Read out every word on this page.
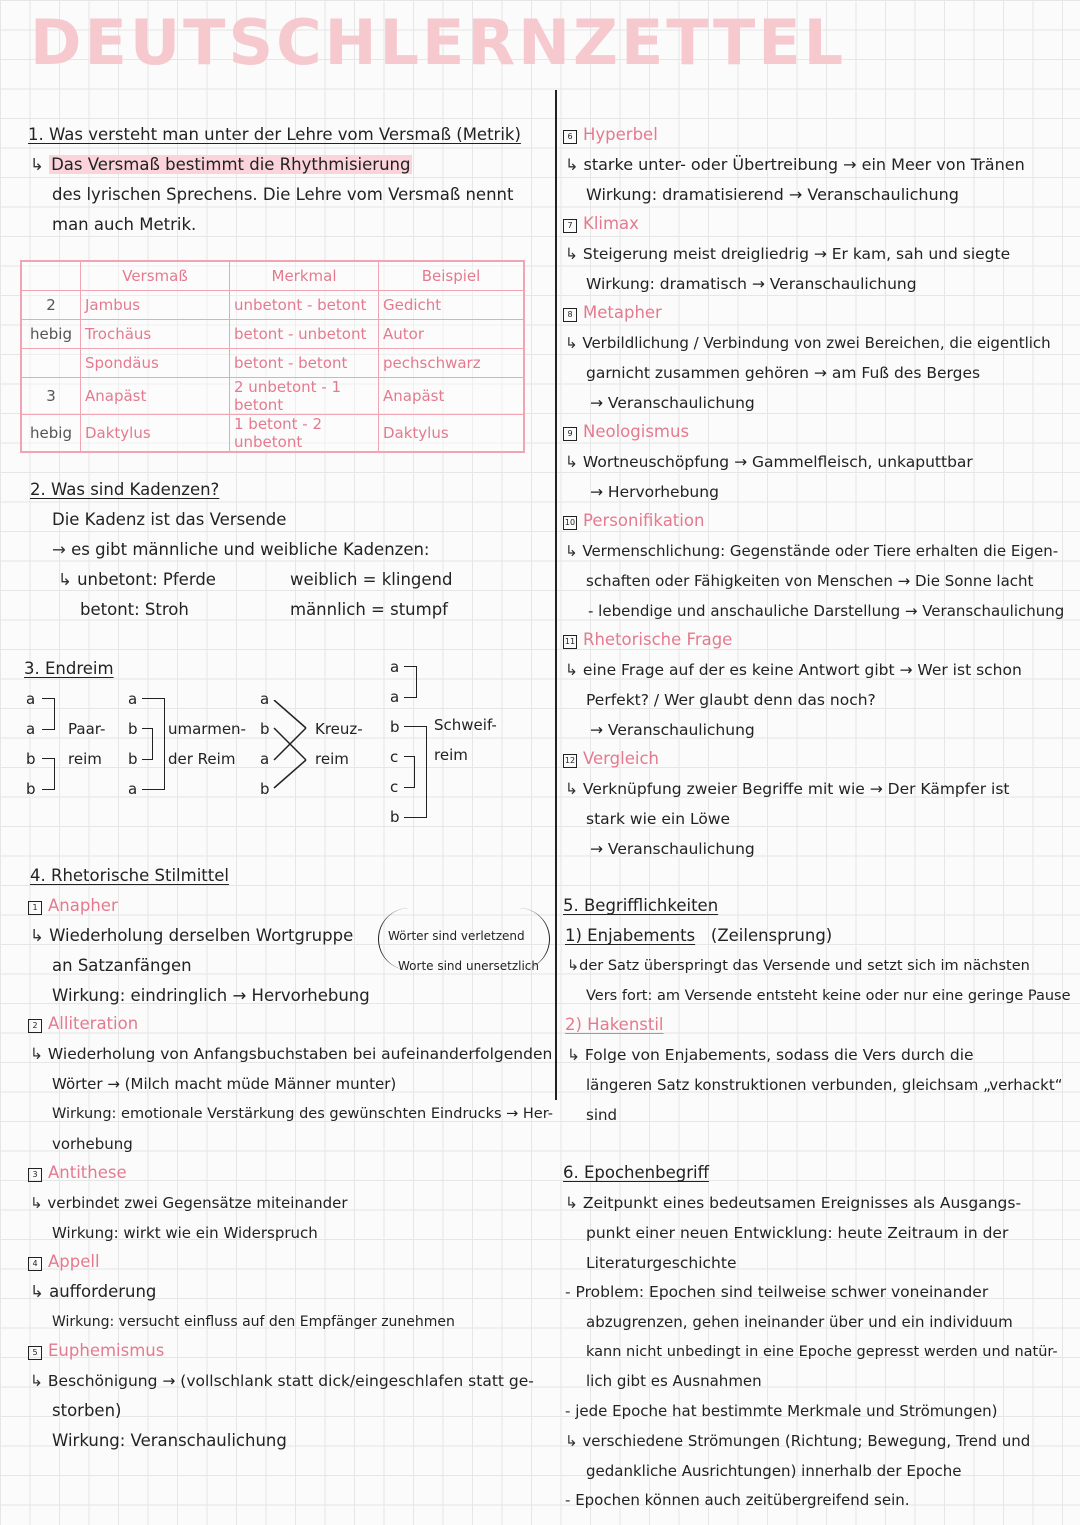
DEUTSCHLERNZETTEL
1. Was versteht man unter der Lehre vom Versmaß (Metrik)
↳ Das Versmaß bestimmt die Rhythmisierung
des lyrischen Sprechens. Die Lehre vom Versmaß nennt
man auch Metrik.
	Versmaß	Merkmal	Beispiel
2	Jambus	unbetont - betont	Gedicht
hebig	Trochäus	betont - unbetont	Autor
	Spondäus	betont - betont	pechschwarz
3	Anapäst	2 unbetont - 1 betont	Anapäst
hebig	Daktylus	1 betont - 2 unbetont	Daktylus
2. Was sind Kadenzen?
Die Kadenz ist das Versende
→ es gibt männliche und weibliche Kadenzen:
↳ unbetont: Pferde	weiblich = klingend
betont: Stroh	männlich = stumpf
3. Endreim
a
a
b
b
Paar-
reim
a
b
b
a
umarmen-
der Reim
a
b
a
b
Kreuz-
reim
a
a
b
c
c
b
Schweif-
reim
4. Rhetorische Stilmittel
1 Anapher
↳ Wiederholung derselben Wortgruppe
an Satzanfängen
Wirkung: eindringlich → Hervorhebung
Wörter sind verletzend
Worte sind unersetzlich
2 Alliteration
↳ Wiederholung von Anfangsbuchstaben bei aufeinanderfolgenden
Wörter → (Milch macht müde Männer munter)
Wirkung: emotionale Verstärkung des gewünschten Eindrucks → Her-
vorhebung
3 Antithese
↳ verbindet zwei Gegensätze miteinander
Wirkung: wirkt wie ein Widerspruch
4 Appell
↳ aufforderung
Wirkung: versucht einfluss auf den Empfänger zunehmen
5 Euphemismus
↳ Beschönigung → (vollschlank statt dick/eingeschlafen statt ge-
storben)
Wirkung: Veranschaulichung
6 Hyperbel
↳ starke unter- oder Übertreibung → ein Meer von Tränen
Wirkung: dramatisierend → Veranschaulichung
7 Klimax
↳ Steigerung meist dreigliedrig → Er kam, sah und siegte
Wirkung: dramatisch → Veranschaulichung
8 Metapher
↳ Verbildlichung / Verbindung von zwei Bereichen, die eigentlich
garnicht zusammen gehören → am Fuß des Berges
→ Veranschaulichung
9 Neologismus
↳ Wortneuschöpfung → Gammelfleisch, unkaputtbar
→ Hervorhebung
10 Personifikation
↳ Vermenschlichung: Gegenstände oder Tiere erhalten die Eigen-
schaften oder Fähigkeiten von Menschen → Die Sonne lacht
- lebendige und anschauliche Darstellung → Veranschaulichung
11 Rhetorische Frage
↳ eine Frage auf der es keine Antwort gibt → Wer ist schon
Perfekt? / Wer glaubt denn das noch?
→ Veranschaulichung
12 Vergleich
↳ Verknüpfung zweier Begriffe mit wie → Der Kämpfer ist
stark wie ein Löwe
→ Veranschaulichung
5. Begrifflichkeiten
1) Enjabements (Zeilensprung)
↳der Satz überspringt das Versende und setzt sich im nächsten
Vers fort: am Versende entsteht keine oder nur eine geringe Pause
2) Hakenstil
↳ Folge von Enjabements, sodass die Vers durch die
längeren Satz konstruktionen verbunden, gleichsam „verhackt“
sind
6. Epochenbegriff
↳ Zeitpunkt eines bedeutsamen Ereignisses als Ausgangs-
punkt einer neuen Entwicklung: heute Zeitraum in der
Literaturgeschichte
- Problem: Epochen sind teilweise schwer voneinander
abzugrenzen, gehen ineinander über und ein individuum
kann nicht unbedingt in eine Epoche gepresst werden und natür-
lich gibt es Ausnahmen
- jede Epoche hat bestimmte Merkmale und Strömungen)
↳ verschiedene Strömungen (Richtung; Bewegung, Trend und
gedankliche Ausrichtungen) innerhalb der Epoche
- Epochen können auch zeitübergreifend sein.
